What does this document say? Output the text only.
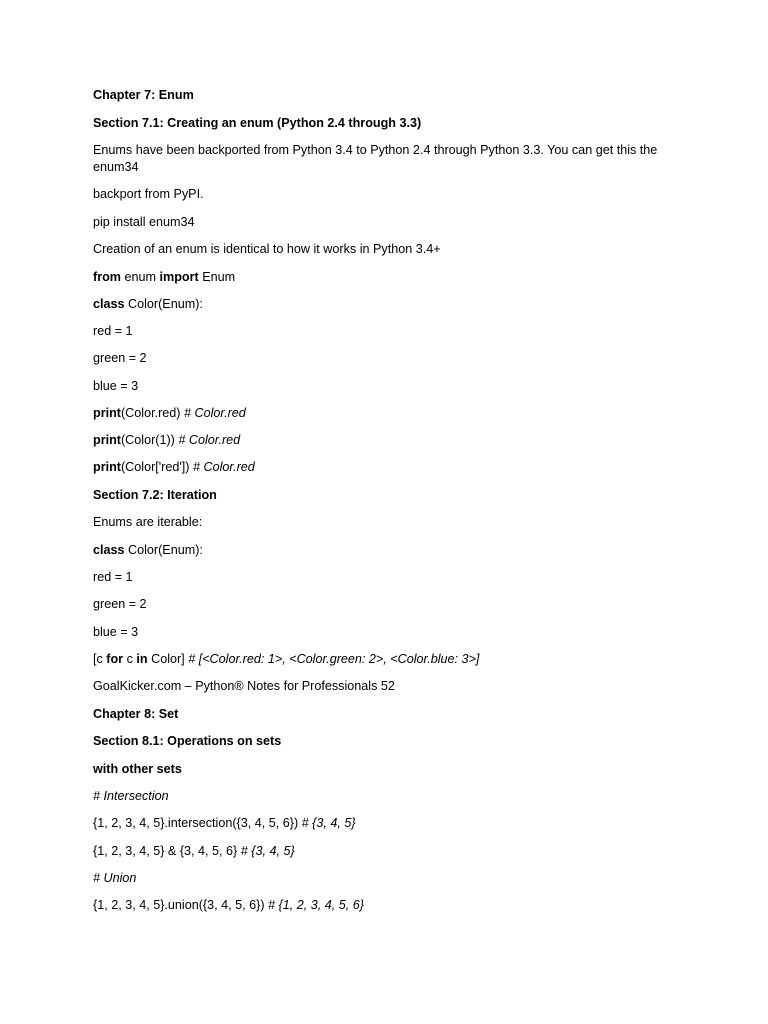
Chapter 7: Enum
Section 7.1: Creating an enum (Python 2.4 through 3.3)
Enums have been backported from Python 3.4 to Python 2.4 through Python 3.3. You can get this the enum34
backport from PyPI.
pip install enum34
Creation of an enum is identical to how it works in Python 3.4+
from enum import Enum
class Color(Enum):
red = 1
green = 2
blue = 3
print(Color.red) # Color.red
print(Color(1)) # Color.red
print(Color['red']) # Color.red
Section 7.2: Iteration
Enums are iterable:
class Color(Enum):
red = 1
green = 2
blue = 3
[c for c in Color] # [<Color.red: 1>, <Color.green: 2>, <Color.blue: 3>]
GoalKicker.com – Python® Notes for Professionals 52
Chapter 8: Set
Section 8.1: Operations on sets
with other sets
# Intersection
{1, 2, 3, 4, 5}.intersection({3, 4, 5, 6}) # {3, 4, 5}
{1, 2, 3, 4, 5} & {3, 4, 5, 6} # {3, 4, 5}
# Union
{1, 2, 3, 4, 5}.union({3, 4, 5, 6}) # {1, 2, 3, 4, 5, 6}
